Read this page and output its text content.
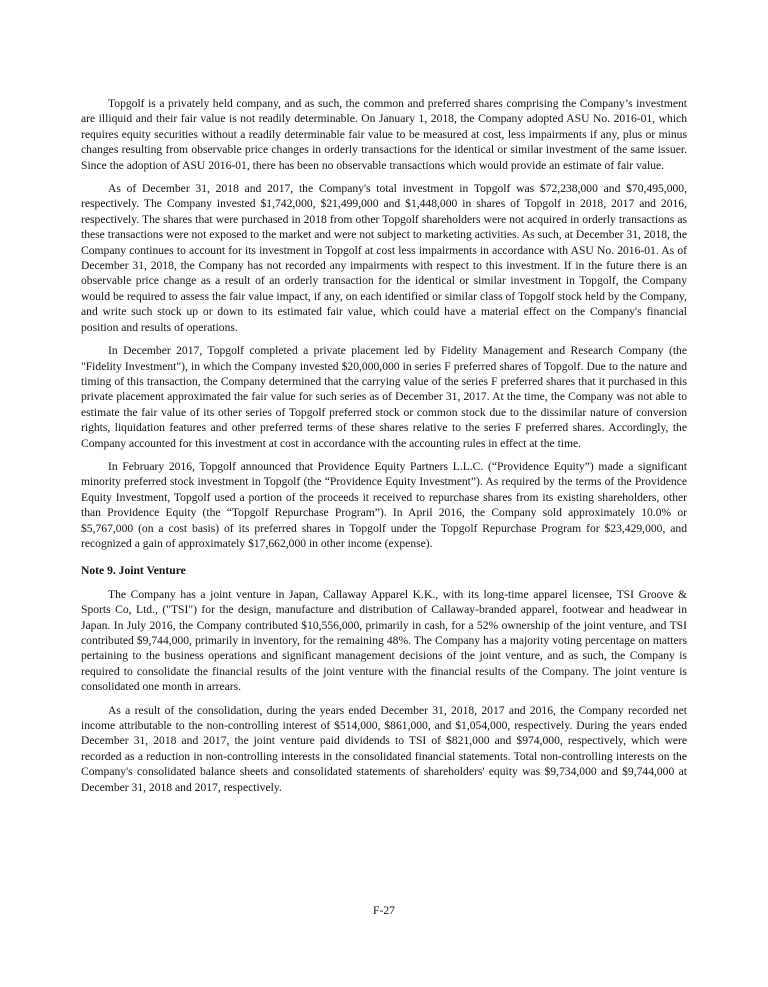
Topgolf is a privately held company, and as such, the common and preferred shares comprising the Company’s investment are illiquid and their fair value is not readily determinable. On January 1, 2018, the Company adopted ASU No. 2016-01, which requires equity securities without a readily determinable fair value to be measured at cost, less impairments if any, plus or minus changes resulting from observable price changes in orderly transactions for the identical or similar investment of the same issuer. Since the adoption of ASU 2016-01, there has been no observable transactions which would provide an estimate of fair value.

As of December 31, 2018 and 2017, the Company's total investment in Topgolf was $72,238,000 and $70,495,000, respectively. The Company invested $1,742,000, $21,499,000 and $1,448,000 in shares of Topgolf in 2018, 2017 and 2016, respectively. The shares that were purchased in 2018 from other Topgolf shareholders were not acquired in orderly transactions as these transactions were not exposed to the market and were not subject to marketing activities. As such, at December 31, 2018, the Company continues to account for its investment in Topgolf at cost less impairments in accordance with ASU No. 2016-01. As of December 31, 2018, the Company has not recorded any impairments with respect to this investment. If in the future there is an observable price change as a result of an orderly transaction for the identical or similar investment in Topgolf, the Company would be required to assess the fair value impact, if any, on each identified or similar class of Topgolf stock held by the Company, and write such stock up or down to its estimated fair value, which could have a material effect on the Company's financial position and results of operations.

In December 2017, Topgolf completed a private placement led by Fidelity Management and Research Company (the "Fidelity Investment"), in which the Company invested $20,000,000 in series F preferred shares of Topgolf. Due to the nature and timing of this transaction, the Company determined that the carrying value of the series F preferred shares that it purchased in this private placement approximated the fair value for such series as of December 31, 2017. At the time, the Company was not able to estimate the fair value of its other series of Topgolf preferred stock or common stock due to the dissimilar nature of conversion rights, liquidation features and other preferred terms of these shares relative to the series F preferred shares. Accordingly, the Company accounted for this investment at cost in accordance with the accounting rules in effect at the time.

In February 2016, Topgolf announced that Providence Equity Partners L.L.C. (“Providence Equity”) made a significant minority preferred stock investment in Topgolf (the “Providence Equity Investment”). As required by the terms of the Providence Equity Investment, Topgolf used a portion of the proceeds it received to repurchase shares from its existing shareholders, other than Providence Equity (the “Topgolf Repurchase Program”). In April 2016, the Company sold approximately 10.0% or $5,767,000 (on a cost basis) of its preferred shares in Topgolf under the Topgolf Repurchase Program for $23,429,000, and recognized a gain of approximately $17,662,000 in other income (expense).

Note 9. Joint Venture

The Company has a joint venture in Japan, Callaway Apparel K.K., with its long-time apparel licensee, TSI Groove & Sports Co, Ltd., ("TSI") for the design, manufacture and distribution of Callaway-branded apparel, footwear and headwear in Japan. In July 2016, the Company contributed $10,556,000, primarily in cash, for a 52% ownership of the joint venture, and TSI contributed $9,744,000, primarily in inventory, for the remaining 48%. The Company has a majority voting percentage on matters pertaining to the business operations and significant management decisions of the joint venture, and as such, the Company is required to consolidate the financial results of the joint venture with the financial results of the Company. The joint venture is consolidated one month in arrears.

As a result of the consolidation, during the years ended December 31, 2018, 2017 and 2016, the Company recorded net income attributable to the non-controlling interest of $514,000, $861,000, and $1,054,000, respectively. During the years ended December 31, 2018 and 2017, the joint venture paid dividends to TSI of $821,000 and $974,000, respectively, which were recorded as a reduction in non-controlling interests in the consolidated financial statements. Total non-controlling interests on the Company's consolidated balance sheets and consolidated statements of shareholders' equity was $9,734,000 and $9,744,000 at December 31, 2018 and 2017, respectively.

F-27
